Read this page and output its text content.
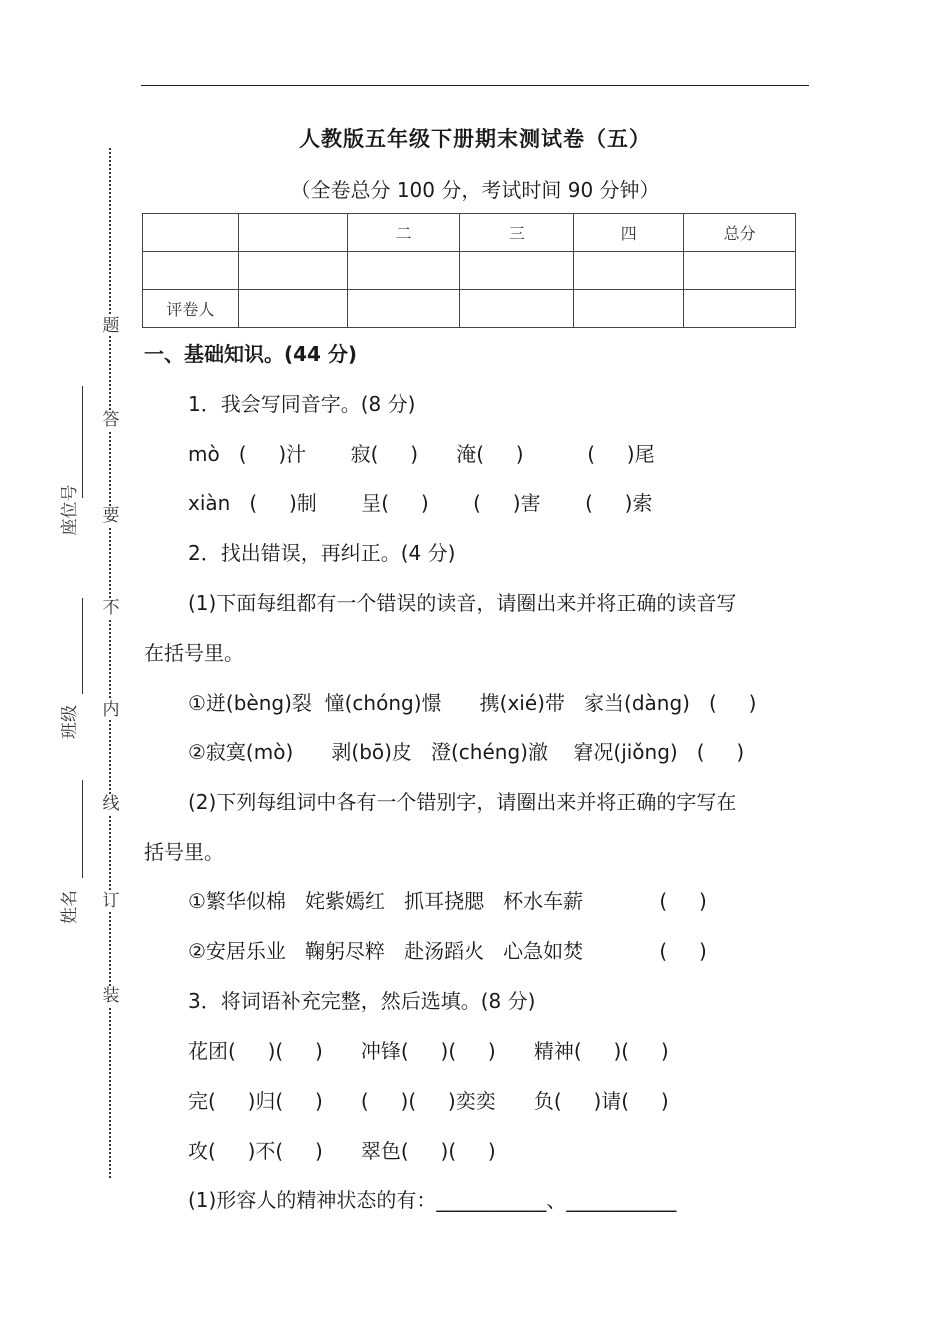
人教版五年级下册期末测试卷（五）
（全卷总分 100 分，考试时间 90 分钟）
		二	三	四	总分

评卷人					
题
答
要
不
内
线
订
装
座位号
班级
姓名
一、基础知识。(44 分)
1．我会写同音字。(8 分)
mò   (     )汁       寂(     )      淹(     )          (     )尾
xiàn   (     )制       呈(     )       (     )害       (     )索
2．找出错误，再纠正。(4 分)
(1)下面每组都有一个错误的读音，请圈出来并将正确的读音写
在括号里。
①迸(bèng)裂  憧(chóng)憬      携(xié)带   家当(dàng)   (     )
②寂寞(mò)      剥(bō)皮   澄(chéng)澈    窘况(jiǒng)   (     )
(2)下列每组词中各有一个错别字，请圈出来并将正确的字写在
括号里。
①繁华似棉   姹紫嫣红   抓耳挠腮   杯水车薪            (     )
②安居乐业   鞠躬尽粹   赴汤蹈火   心急如焚            (     )
3．将词语补充完整，然后选填。(8 分)
花团(     )(     )      冲锋(     )(     )      精神(     )(     )
完(     )归(     )      (     )(     )奕奕      负(     )请(     )
攻(     )不(     )      翠色(     )(     )
(1)形容人的精神状态的有：___________、___________
